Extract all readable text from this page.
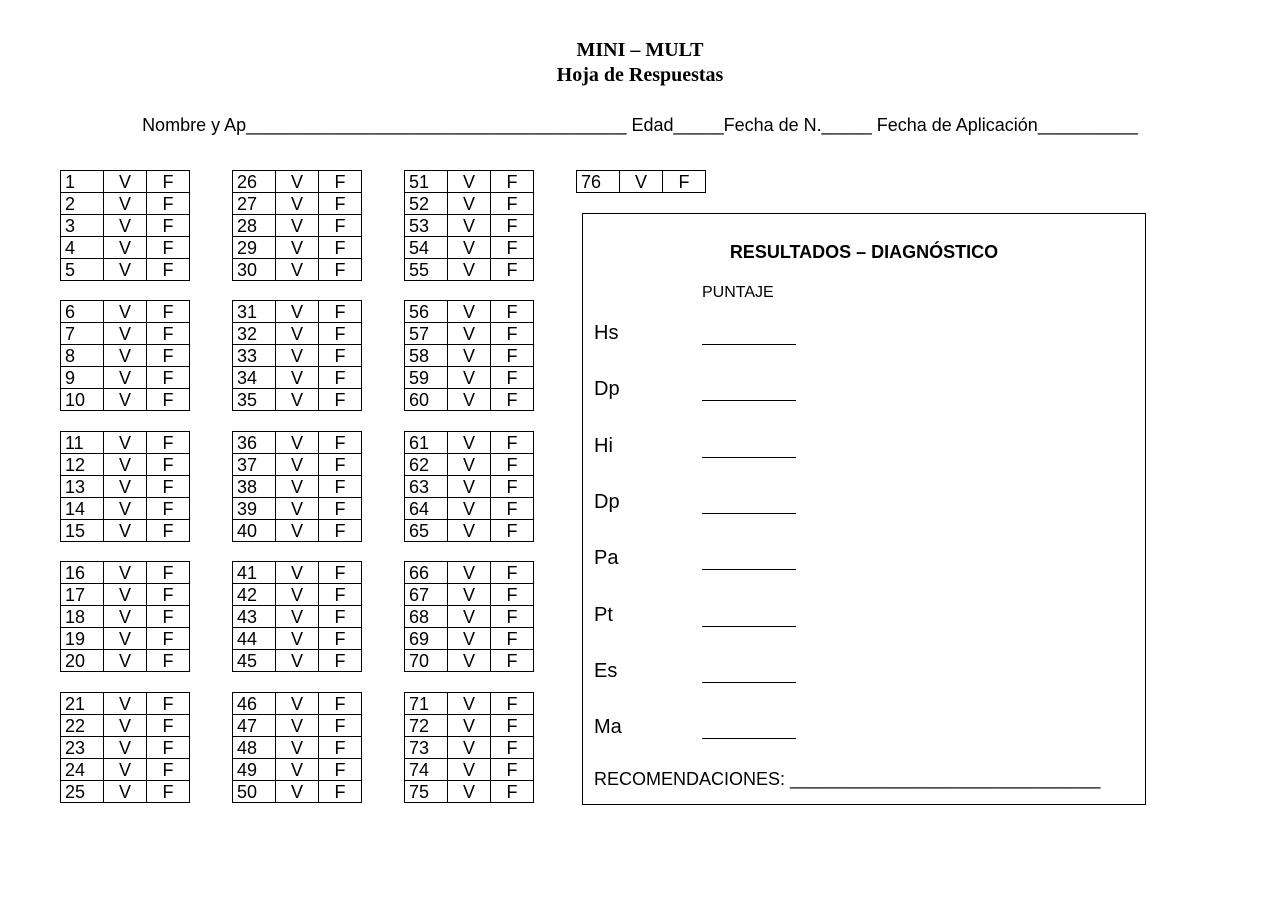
MINI – MULT
Hoja de Respuestas
Nombre y Ap______________________________________ Edad_____Fecha de N._____ Fecha de Aplicación__________
1	V	F
2	V	F
3	V	F
4	V	F
5	V	F
6	V	F
7	V	F
8	V	F
9	V	F
10	V	F
11	V	F
12	V	F
13	V	F
14	V	F
15	V	F
16	V	F
17	V	F
18	V	F
19	V	F
20	V	F
21	V	F
22	V	F
23	V	F
24	V	F
25	V	F
26	V	F
27	V	F
28	V	F
29	V	F
30	V	F
31	V	F
32	V	F
33	V	F
34	V	F
35	V	F
36	V	F
37	V	F
38	V	F
39	V	F
40	V	F
41	V	F
42	V	F
43	V	F
44	V	F
45	V	F
46	V	F
47	V	F
48	V	F
49	V	F
50	V	F
51	V	F
52	V	F
53	V	F
54	V	F
55	V	F
56	V	F
57	V	F
58	V	F
59	V	F
60	V	F
61	V	F
62	V	F
63	V	F
64	V	F
65	V	F
66	V	F
67	V	F
68	V	F
69	V	F
70	V	F
71	V	F
72	V	F
73	V	F
74	V	F
75	V	F
76	V	F
RESULTADOS – DIAGNÓSTICO
PUNTAJE
Hs
Dp
Hi
Dp
Pa
Pt
Es
Ma
RECOMENDACIONES: _______________________________
